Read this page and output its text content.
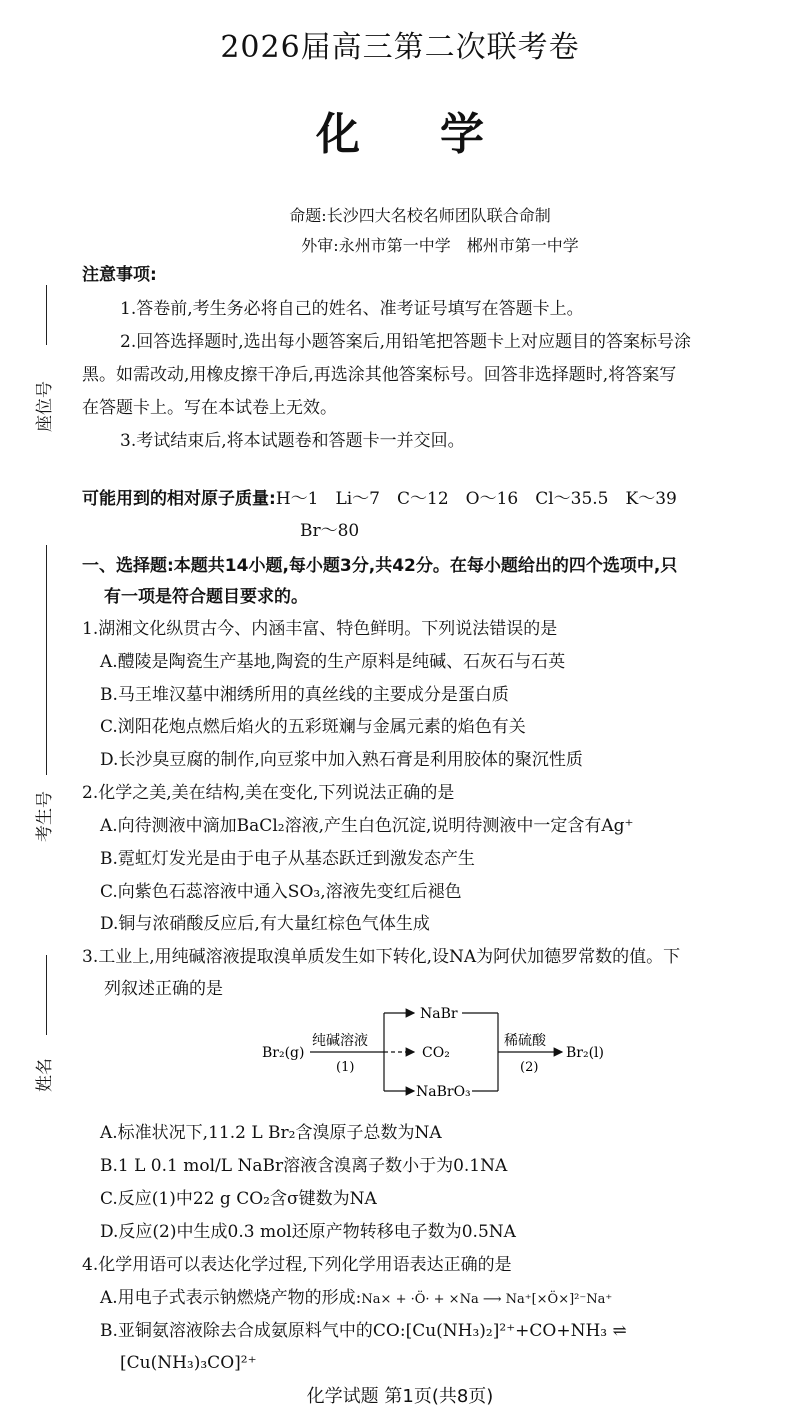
2026届高三第二次联考卷
化学
命题:长沙四大名校名师团队联合命制
外审:永州市第一中学　郴州市第一中学
座位号
考生号
姓名
注意事项:
1.答卷前,考生务必将自己的姓名、准考证号填写在答题卡上。
2.回答选择题时,选出每小题答案后,用铅笔把答题卡上对应题目的答案标号涂
黑。如需改动,用橡皮擦干净后,再选涂其他答案标号。回答非选择题时,将答案写
在答题卡上。写在本试卷上无效。
3.考试结束后,将本试题卷和答题卡一并交回。
可能用到的相对原子质量:H～1　Li～7　C～12　O～16　Cl～35.5　K～39
Br～80
一、选择题:本题共14小题,每小题3分,共42分。在每小题给出的四个选项中,只
有一项是符合题目要求的。
1.湖湘文化纵贯古今、内涵丰富、特色鲜明。下列说法错误的是
A.醴陵是陶瓷生产基地,陶瓷的生产原料是纯碱、石灰石与石英
B.马王堆汉墓中湘绣所用的真丝线的主要成分是蛋白质
C.浏阳花炮点燃后焰火的五彩斑斓与金属元素的焰色有关
D.长沙臭豆腐的制作,向豆浆中加入熟石膏是利用胶体的聚沉性质
2.化学之美,美在结构,美在变化,下列说法正确的是
A.向待测液中滴加BaCl₂溶液,产生白色沉淀,说明待测液中一定含有Ag⁺
B.霓虹灯发光是由于电子从基态跃迁到激发态产生
C.向紫色石蕊溶液中通入SO₃,溶液先变红后褪色
D.铜与浓硝酸反应后,有大量红棕色气体生成
3.工业上,用纯碱溶液提取溴单质发生如下转化,设NA为阿伏加德罗常数的值。下
列叙述正确的是
Br₂(g)
纯碱溶液
(1)
NaBr
CO₂
NaBrO₃
稀硫酸
(2)
Br₂(l)
A.标准状况下,11.2 L Br₂含溴原子总数为NA
B.1 L 0.1 mol/L NaBr溶液含溴离子数小于为0.1NA
C.反应(1)中22 g CO₂含σ键数为NA
D.反应(2)中生成0.3 mol还原产物转移电子数为0.5NA
4.化学用语可以表达化学过程,下列化学用语表达正确的是
A.用电子式表示钠燃烧产物的形成:Na× + ·Ö· + ×Na ⟶ Na⁺[×Ö×]²⁻Na⁺
B.亚铜氨溶液除去合成氨原料气中的CO:[Cu(NH₃)₂]²⁺+CO+NH₃ ⇌
[Cu(NH₃)₃CO]²⁺
化学试题 第1页(共8页)
